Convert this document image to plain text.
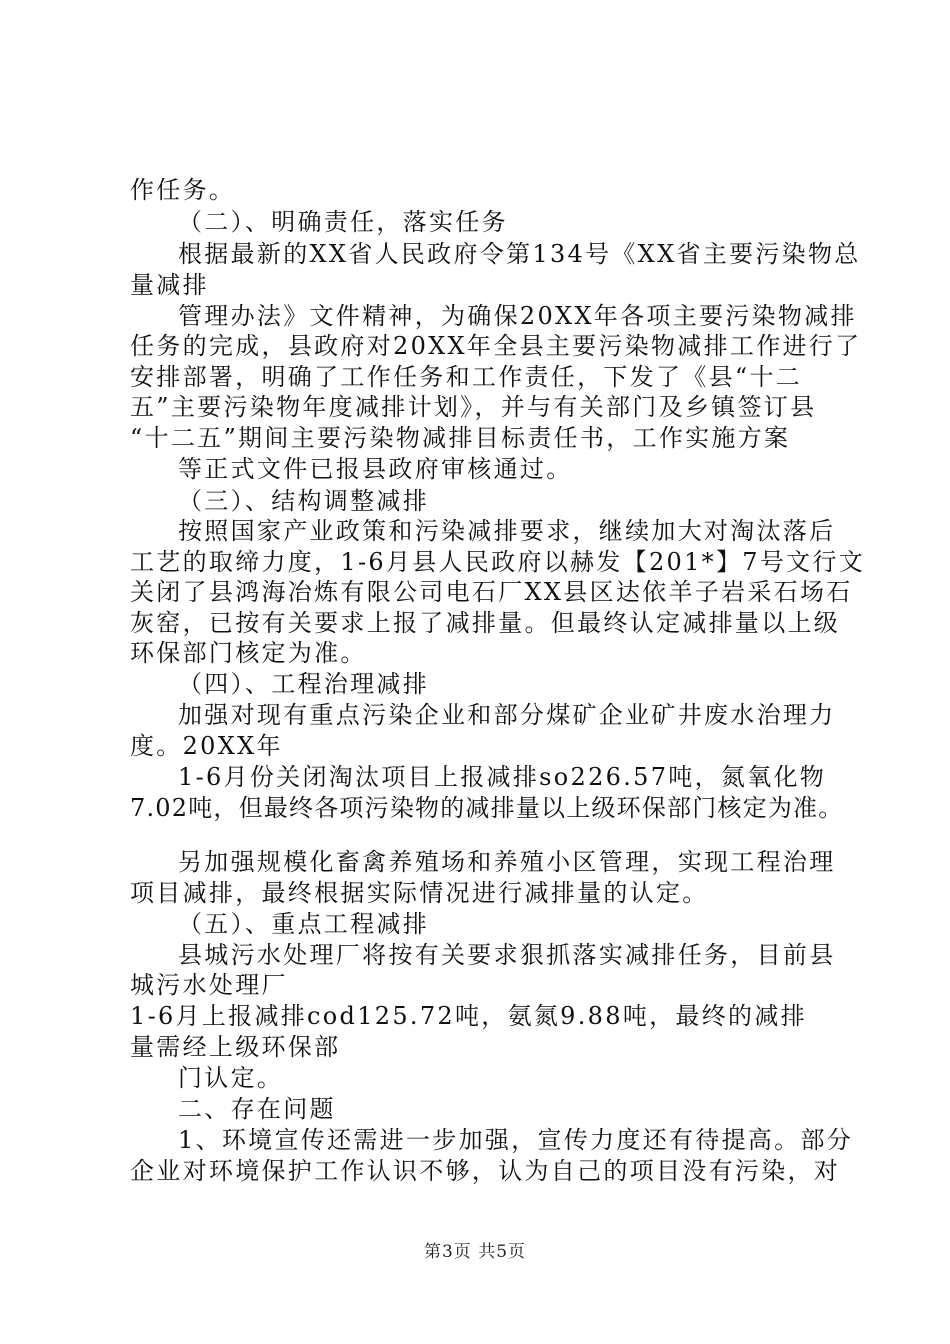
作任务。

（二）、明确责任，落实任务

根据最新的XX省人民政府令第134号《XX省主要污染物总

量减排

管理办法》文件精神，为确保20XX年各项主要污染物减排

任务的完成，县政府对20XX年全县主要污染物减排工作进行了

安排部署，明确了工作任务和工作责任，下发了《县“十二

五”主要污染物年度减排计划》，并与有关部门及乡镇签订县

“十二五”期间主要污染物减排目标责任书，工作实施方案

等正式文件已报县政府审核通过。

（三）、结构调整减排

按照国家产业政策和污染减排要求，继续加大对淘汰落后

工艺的取缔力度，1-6月县人民政府以赫发【201*】7号文行文

关闭了县鸿海冶炼有限公司电石厂XX县区达依羊子岩采石场石

灰窑，已按有关要求上报了减排量。但最终认定减排量以上级

环保部门核定为准。

（四）、工程治理减排

加强对现有重点污染企业和部分煤矿企业矿井废水治理力

度。20XX年

1-6月份关闭淘汰项目上报减排so226.57吨，氮氧化物

7.02吨，但最终各项污染物的减排量以上级环保部门核定为准。

另加强规模化畜禽养殖场和养殖小区管理，实现工程治理

项目减排，最终根据实际情况进行减排量的认定。

（五）、重点工程减排

县城污水处理厂将按有关要求狠抓落实减排任务，目前县

城污水处理厂

1-6月上报减排cod125.72吨，氨氮9.88吨，最终的减排

量需经上级环保部

门认定。

二、存在问题

1、环境宣传还需进一步加强，宣传力度还有待提高。部分

企业对环境保护工作认识不够，认为自己的项目没有污染，对

第3页 共5页
